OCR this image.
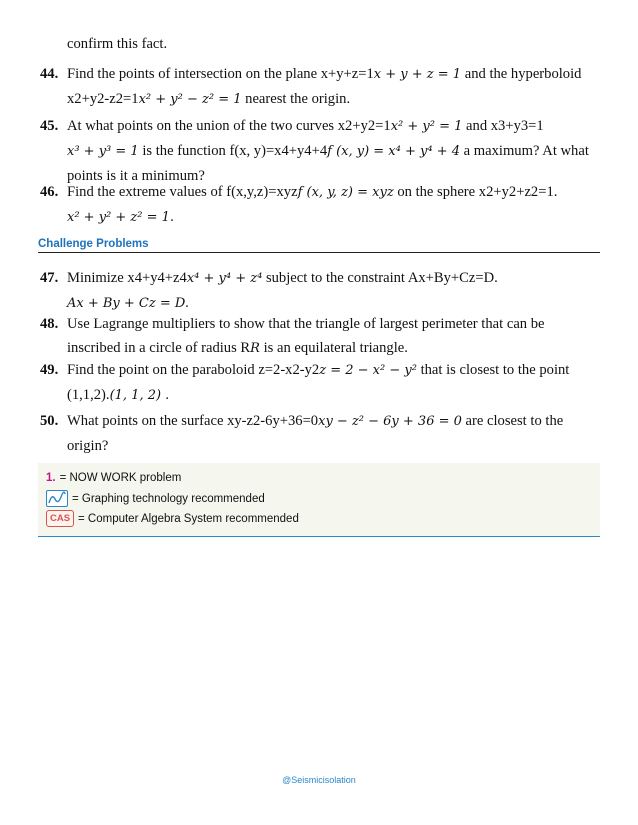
confirm this fact.
44. Find the points of intersection on the plane x+y+z=1x + y + z = 1 and the hyperboloid
x2+y2-z2=1x² + y² − z² = 1 nearest the origin.
45. At what points on the union of the two curves x2+y2=1x² + y² = 1 and x3+y3=1
x³ + y³ = 1 is the function f(x, y)=x4+y4+4f (x, y) = x⁴ + y⁴ + 4 a maximum? At what
points is it a minimum?
46. Find the extreme values of f(x,y,z)=xyzf (x, y, z) = xyz on the sphere x2+y2+z2=1.
x² + y² + z² = 1.
Challenge Problems
47. Minimize x4+y4+z4x⁴ + y⁴ + z⁴ subject to the constraint Ax+By+Cz=D.
Ax + By + Cz = D.
48. Use Lagrange multipliers to show that the triangle of largest perimeter that can be
inscribed in a circle of radius RR is an equilateral triangle.
49. Find the point on the paraboloid z=2-x2-y2z = 2 − x² − y² that is closest to the point
(1,1,2).(1, 1, 2) .
50. What points on the surface xy-z2-6y+36=0xy − z² − 6y + 36 = 0 are closest to the
origin?
1. = NOW WORK problem
= Graphing technology recommended
CAS = Computer Algebra System recommended
@Seismicisolation
